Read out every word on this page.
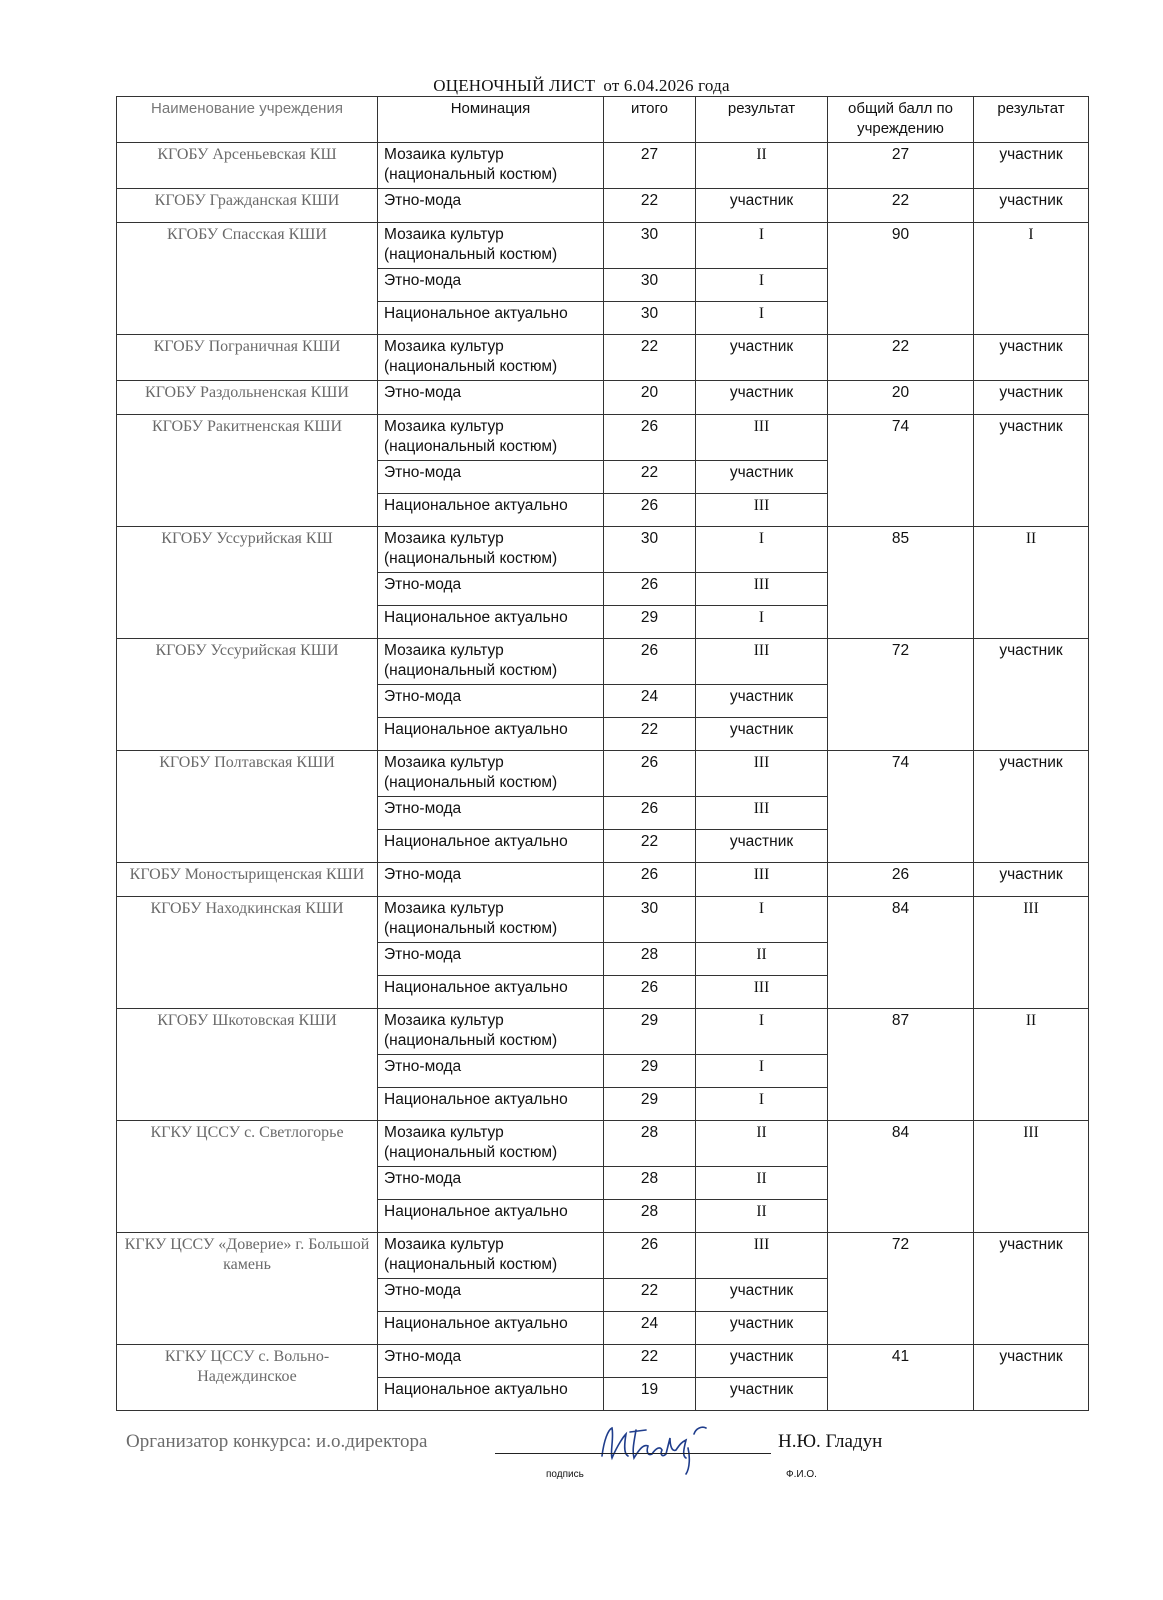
ОЦЕНОЧНЫЙ ЛИСТ от 6.04.2026 года
Наименование учреждения	Номинация	итого	результат	общий балл по учреждению	результат
КГОБУ Арсеньевская КШ	Мозаика культур (национальный костюм)	27	II	27	участник
КГОБУ Гражданская КШИ	Этно-мода	22	участник	22	участник
КГОБУ Спасская КШИ	Мозаика культур (национальный костюм)	30	I	90	I
	Этно-мода	30	I		
	Национальное актуально	30	I		
КГОБУ Пограничная КШИ	Мозаика культур (национальный костюм)	22	участник	22	участник
КГОБУ Раздольненская КШИ	Этно-мода	20	участник	20	участник
КГОБУ Ракитненская КШИ	Мозаика культур (национальный костюм)	26	III	74	участник
	Этно-мода	22	участник		
	Национальное актуально	26	III		
КГОБУ Уссурийская КШ	Мозаика культур (национальный костюм)	30	I	85	II
	Этно-мода	26	III		
	Национальное актуально	29	I		
КГОБУ Уссурийская КШИ	Мозаика культур (национальный костюм)	26	III	72	участник
	Этно-мода	24	участник		
	Национальное актуально	22	участник		
КГОБУ Полтавская КШИ	Мозаика культур (национальный костюм)	26	III	74	участник
	Этно-мода	26	III		
	Национальное актуально	22	участник		
КГОБУ Моностырищенская КШИ	Этно-мода	26	III	26	участник
КГОБУ Находкинская КШИ	Мозаика культур (национальный костюм)	30	I	84	III
	Этно-мода	28	II		
	Национальное актуально	26	III		
КГОБУ Шкотовская КШИ	Мозаика культур (национальный костюм)	29	I	87	II
	Этно-мода	29	I		
	Национальное актуально	29	I		
КГКУ ЦССУ с. Светлогорье	Мозаика культур (национальный костюм)	28	II	84	III
	Этно-мода	28	II		
	Национальное актуально	28	II		
КГКУ ЦССУ «Доверие» г. Большой камень	Мозаика культур (национальный костюм)	26	III	72	участник
	Этно-мода	22	участник		
	Национальное актуально	24	участник		
КГКУ ЦССУ с. Вольно-Надеждинское	Этно-мода	22	участник	41	участник
	Национальное актуально	19	участник		
Организатор конкурса: и.о.директора	Н.Ю. Гладун
подпись	Ф.И.О.
